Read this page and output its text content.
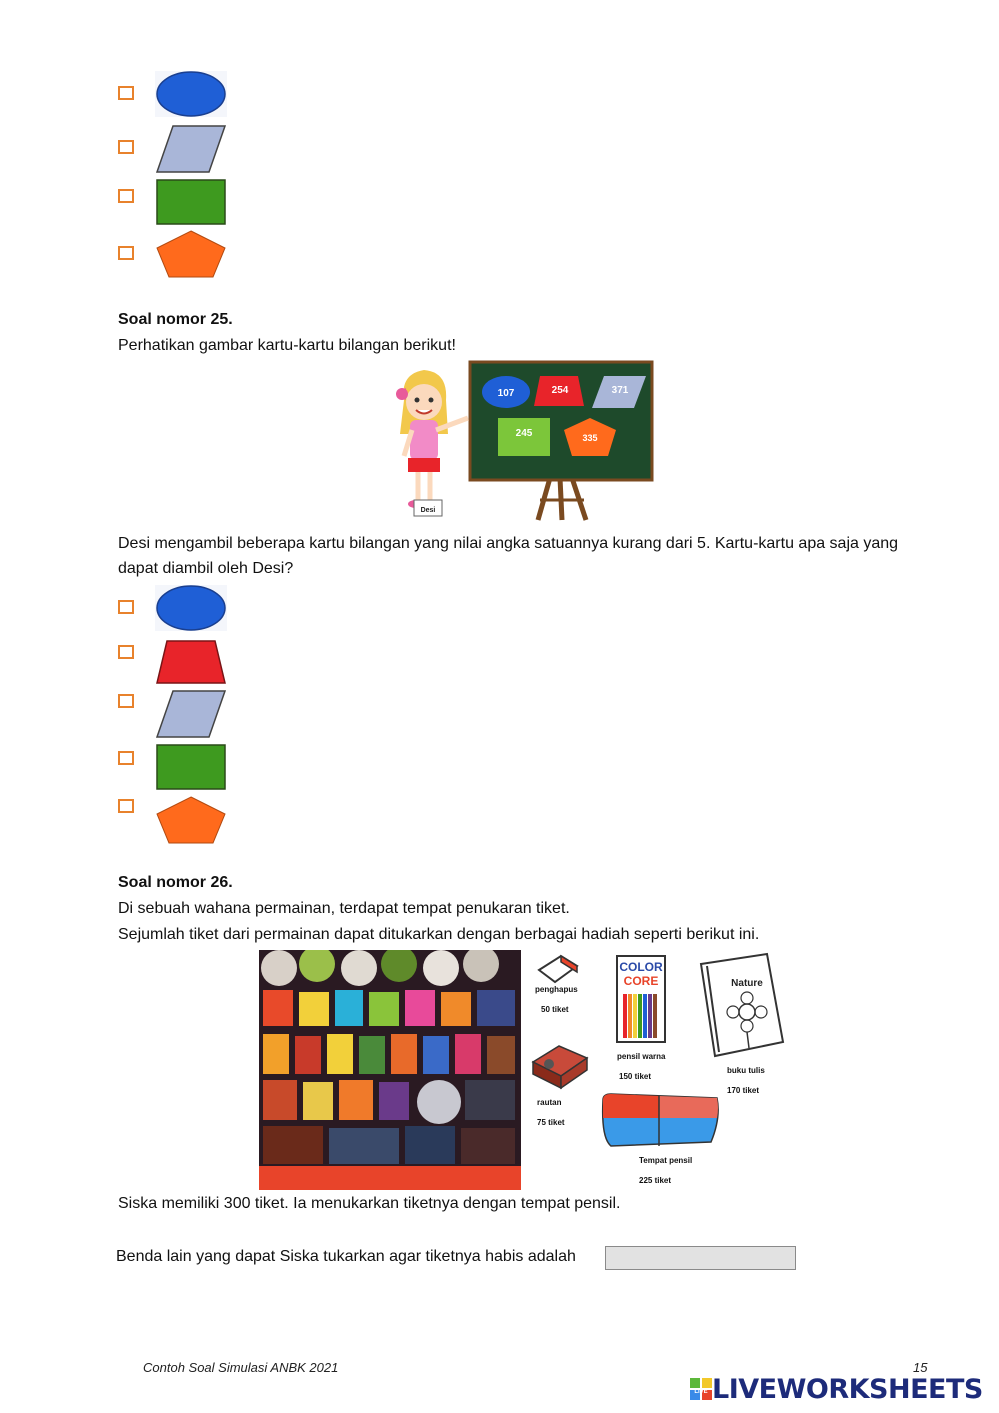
Soal nomor 25.
Perhatikan gambar kartu-kartu bilangan berikut!
107	254	371
245	335
Desi
Desi mengambil beberapa kartu bilangan yang nilai angka satuannya kurang dari 5. Kartu-kartu apa saja yang
dapat diambil oleh Desi?
Soal nomor 26.
Di sebuah wahana permainan, terdapat tempat penukaran tiket.
Sejumlah tiket dari permainan dapat ditukarkan dengan berbagai hadiah seperti berikut ini.
penghapus
50 tiket
COLOR
CORE
pensil warna
150 tiket
Nature
buku tulis
170 tiket
rautan
75 tiket
Tempat pensil
225 tiket
Siska memiliki 300 tiket. Ia menukarkan tiketnya dengan tempat pensil.
Benda lain yang dapat Siska tukarkan agar tiketnya habis adalah
Contoh Soal Simulasi ANBK 2021	15
LIVE LIVEWORKSHEETS
